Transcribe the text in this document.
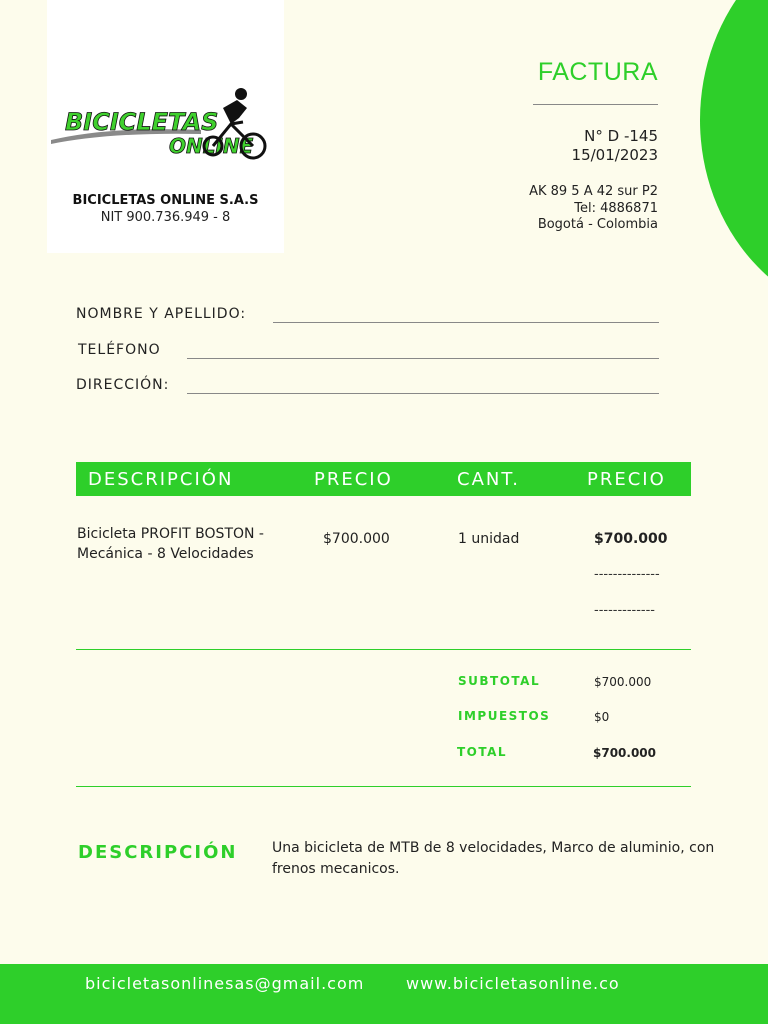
BICICLETAS
ONLINE
BICICLETAS ONLINE S.A.S
NIT 900.736.949 - 8
FACTURA
N° D -145
15/01/2023
AK 89 5 A 42 sur P2
Tel: 4886871
Bogotá - Colombia
NOMBRE Y APELLIDO:
TELÉFONO
DIRECCIÓN:
DESCRIPCIÓN	PRECIO	CANT.	PRECIO
Bicicleta PROFIT BOSTON -
Mecánica - 8 Velocidades
$700.000	1 unidad	$700.000
--------------
-------------
SUBTOTAL	$700.000
IMPUESTOS	$0
TOTAL	$700.000
DESCRIPCIÓN Una bicicleta de MTB de 8 velocidades, Marco de aluminio, con frenos mecanicos.
bicicletasonlinesas@gmail.com	www.bicicletasonline.co
